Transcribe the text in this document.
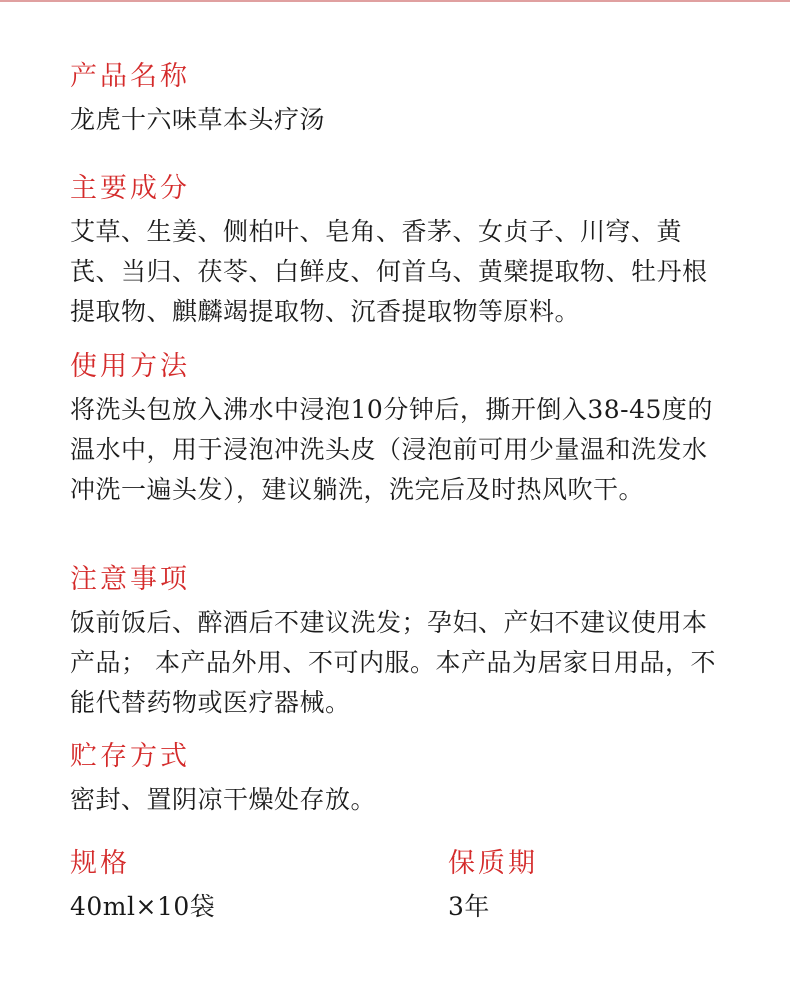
产品名称

龙虎十六味草本头疗汤

主要成分

艾草、生姜、侧柏叶、皂角、香茅、女贞子、川穹、黄芪、当归、茯苓、白鲜皮、何首乌、黄檗提取物、牡丹根提取物、麒麟竭提取物、沉香提取物等原料。

使用方法

将洗头包放入沸水中浸泡10分钟后，撕开倒入38-45度的温水中，用于浸泡冲洗头皮（浸泡前可用少量温和洗发水冲洗一遍头发），建议躺洗，洗完后及时热风吹干。

注意事项

饭前饭后、醉酒后不建议洗发；孕妇、产妇不建议使用本产品； 本产品外用、不可内服。本产品为居家日用品，不能代替药物或医疗器械。

贮存方式

密封、置阴凉干燥处存放。

规格

40ml×10袋

保质期

3年
